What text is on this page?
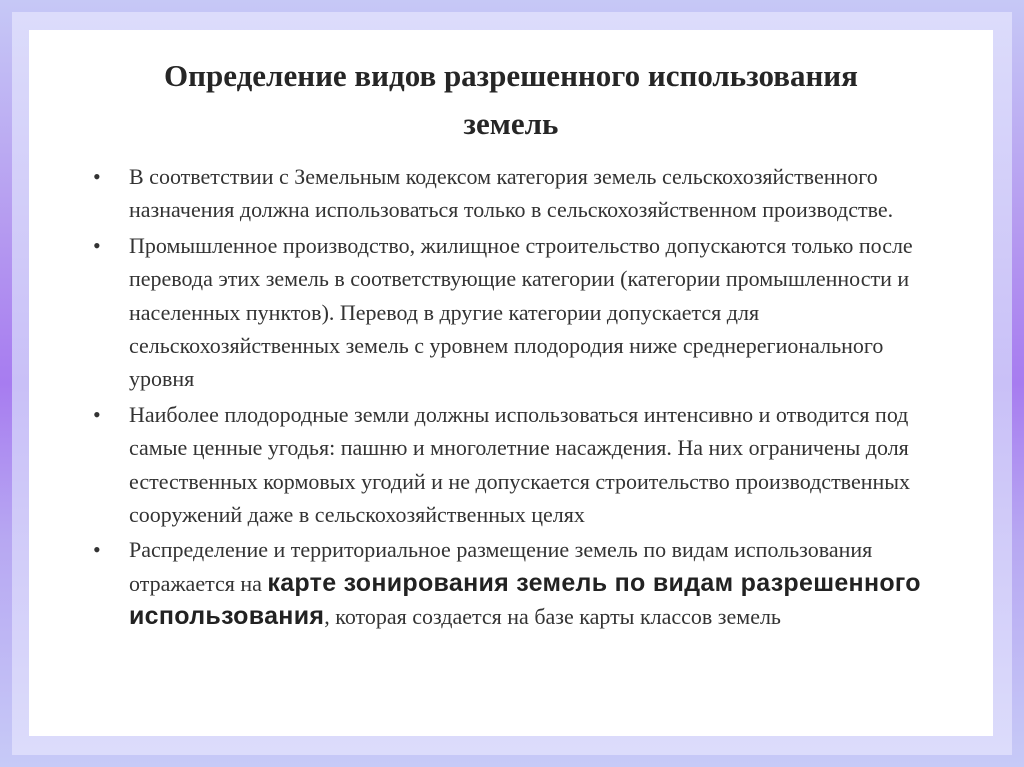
Определение видов разрешенного использования
земель
• В соответствии с Земельным кодексом категория земель сельскохозяйственного назначения должна использоваться только в сельскохозяйственном производстве.
• Промышленное производство, жилищное строительство допускаются только после перевода этих земель в соответствующие категории (категории промышленности и населенных пунктов). Перевод в другие категории допускается для сельскохозяйственных земель с уровнем плодородия ниже среднерегионального уровня
• Наиболее плодородные земли должны использоваться интенсивно и отводится под самые ценные угодья: пашню и многолетние насаждения. На них ограничены доля естественных кормовых угодий и не допускается строительство производственных сооружений даже в сельскохозяйственных целях
• Распределение и территориальное размещение земель по видам использования отражается на карте зонирования земель по видам разрешенного использования, которая создается на базе карты классов земель
